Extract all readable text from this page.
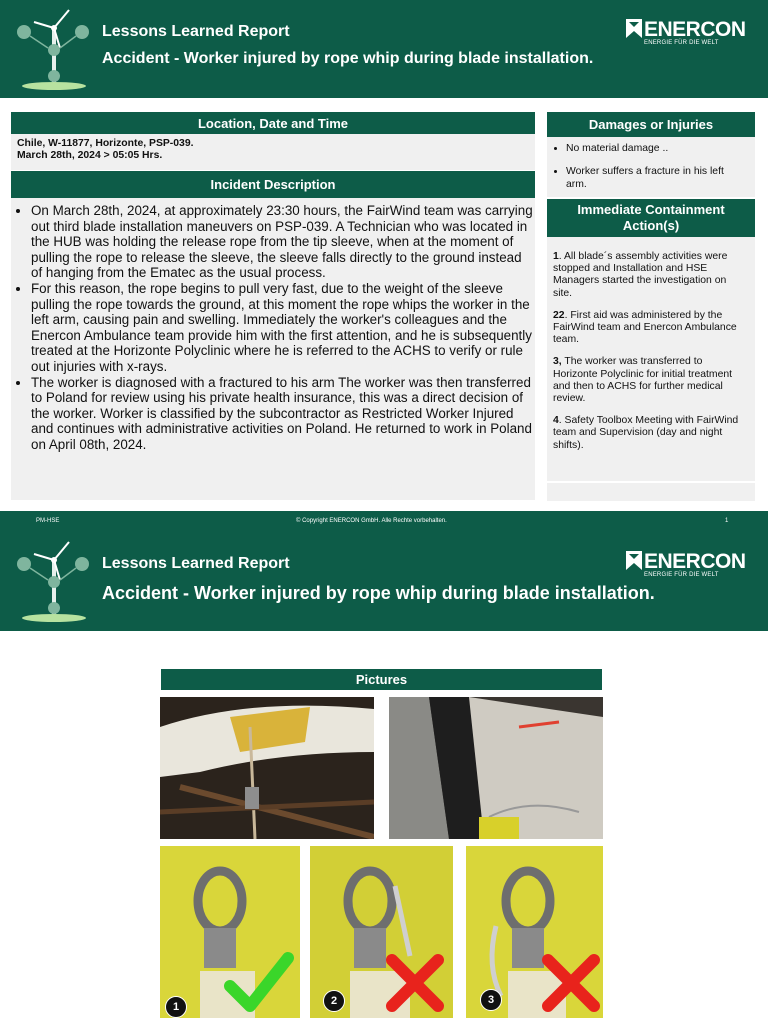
Lessons Learned Report
Accident - Worker injured by rope whip during blade installation.
ENERCON
ENERGIE FÜR DIE WELT
Location, Date and Time
Chile, W-11877, Horizonte, PSP-039.
March 28th, 2024 > 05:05 Hrs.
Incident Description
• On March 28th, 2024, at approximately 23:30 hours, the FairWind team was carrying out third blade installation maneuvers on PSP-039. A Technician who was located in the HUB was holding the release rope from the tip sleeve, when at the moment of pulling the rope to release the sleeve, the sleeve falls directly to the ground instead of hanging from the Ematec as the usual process.
• For this reason, the rope begins to pull very fast, due to the weight of the sleeve pulling the rope towards the ground, at this moment the rope whips the worker in the left arm, causing pain and swelling. Immediately the worker's colleagues and the Enercon Ambulance team provide him with the first attention, and he is subsequently treated at the Horizonte Polyclinic where he is referred to the ACHS to verify or rule out injuries with x-rays.
• The worker is diagnosed with a fractured to his arm The worker was then transferred to Poland for review using his private health insurance, this was a direct decision of the worker. Worker is classified by the subcontractor as Restricted Worker Injured and continues with administrative activities on Poland. He returned to work in Poland on April 08th, 2024.
Damages or Injuries
• No material damage ..
• Worker suffers a fracture in his left arm.
Immediate Containment Action(s)

1. All blade´s assembly activities were stopped and Installation and HSE Managers started the investigation on site.

22. First aid was administered by the FairWind team and Enercon Ambulance team.

3, The worker was transferred to Horizonte Polyclinic for initial treatment and then to ACHS for further medical review.

4. Safety Toolbox Meeting with FairWind team and Supervision (day and night shifts).

PM-HSE	© Copyright ENERCON GmbH. Alle Rechte vorbehalten.	1
Lessons Learned Report
Accident - Worker injured by rope whip during blade installation.
ENERCON
ENERGIE FÜR DIE WELT
Pictures
1	2	3
